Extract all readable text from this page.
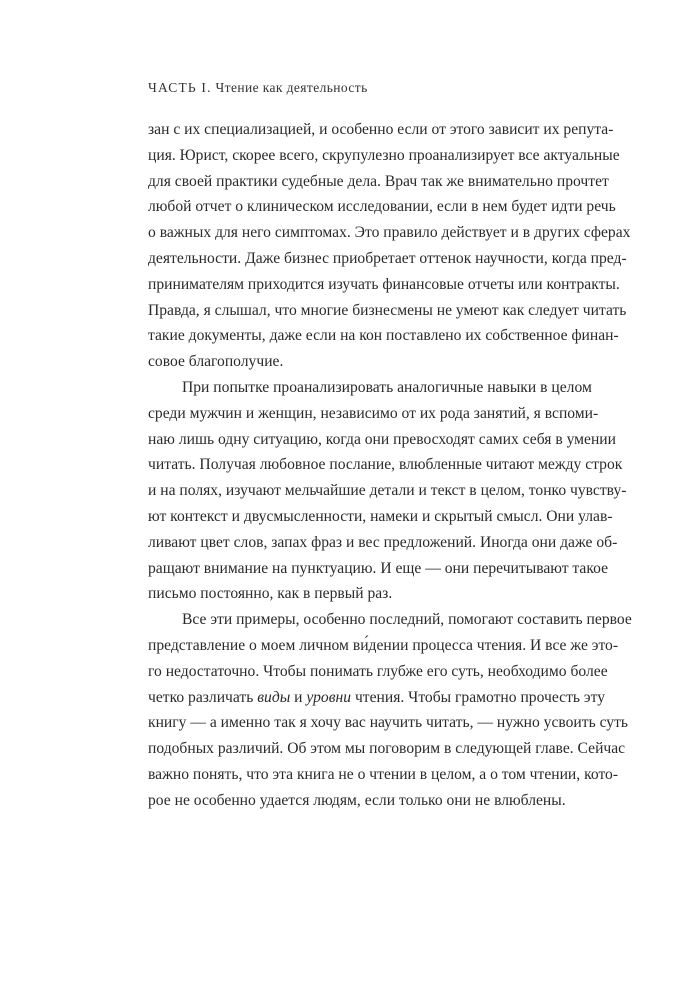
ЧАСТЬ I. Чтение как деятельность
зан с их специализацией, и особенно если от этого зависит их репута-
ция. Юрист, скорее всего, скрупулезно проанализирует все актуальные
для своей практики судебные дела. Врач так же внимательно прочтет
любой отчет о клиническом исследовании, если в нем будет идти речь
о важных для него симптомах. Это правило действует и в других сферах
деятельности. Даже бизнес приобретает оттенок научности, когда пред-
принимателям приходится изучать финансовые отчеты или контракты.
Правда, я слышал, что многие бизнесмены не умеют как следует читать
такие документы, даже если на кон поставлено их собственное финан-
совое благополучие.
При попытке проанализировать аналогичные навыки в целом
среди мужчин и женщин, независимо от их рода занятий, я вспоми-
наю лишь одну ситуацию, когда они превосходят самих себя в умении
читать. Получая любовное послание, влюбленные читают между строк
и на полях, изучают мельчайшие детали и текст в целом, тонко чувству-
ют контекст и двусмысленности, намеки и скрытый смысл. Они улав-
ливают цвет слов, запах фраз и вес предложений. Иногда они даже об-
ращают внимание на пунктуацию. И еще — они перечитывают такое
письмо постоянно, как в первый раз.
Все эти примеры, особенно последний, помогают составить первое
представление о моем личном ви́дении процесса чтения. И все же это-
го недостаточно. Чтобы понимать глубже его суть, необходимо более
четко различать виды и уровни чтения. Чтобы грамотно прочесть эту
книгу — а именно так я хочу вас научить читать, — нужно усвоить суть
подобных различий. Об этом мы поговорим в следующей главе. Сейчас
важно понять, что эта книга не о чтении в целом, а о том чтении, кото-
рое не особенно удается людям, если только они не влюблены.
